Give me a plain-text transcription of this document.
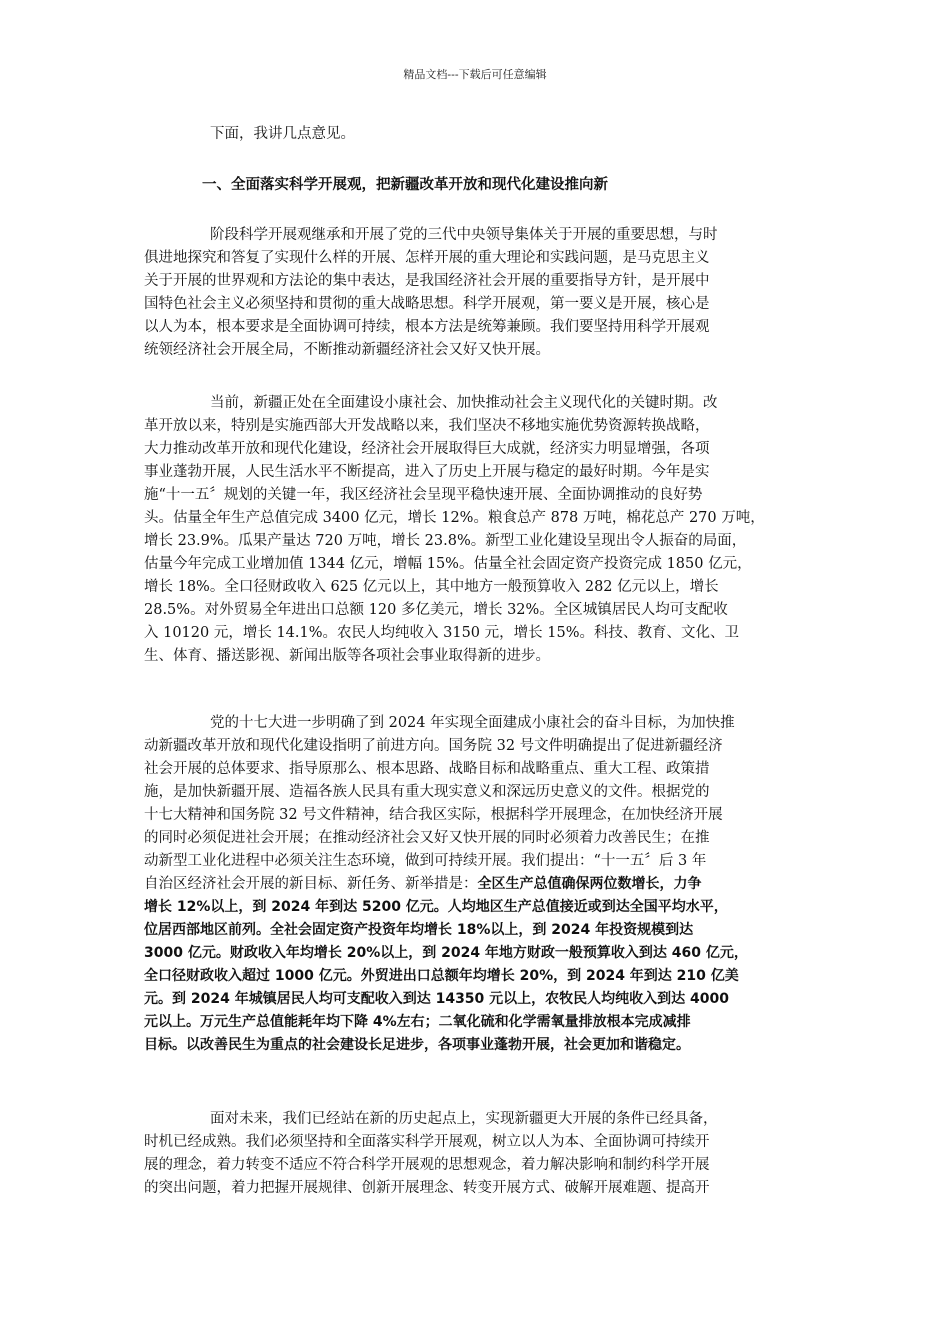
精品文档---下载后可任意编辑
下面，我讲几点意见。
一、全面落实科学开展观，把新疆改革开放和现代化建设推向新
阶段科学开展观继承和开展了党的三代中央领导集体关于开展的重要思想，与时
俱进地探究和答复了实现什么样的开展、怎样开展的重大理论和实践问题，是马克思主义
关于开展的世界观和方法论的集中表达，是我国经济社会开展的重要指导方针，是开展中
国特色社会主义必须坚持和贯彻的重大战略思想。科学开展观，第一要义是开展，核心是
以人为本，根本要求是全面协调可持续，根本方法是统筹兼顾。我们要坚持用科学开展观
统领经济社会开展全局，不断推动新疆经济社会又好又快开展。
当前，新疆正处在全面建设小康社会、加快推动社会主义现代化的关键时期。改
革开放以来，特别是实施西部大开发战略以来，我们坚决不移地实施优势资源转换战略，
大力推动改革开放和现代化建设，经济社会开展取得巨大成就，经济实力明显增强，各项
事业蓬勃开展，人民生活水平不断提高，进入了历史上开展与稳定的最好时期。今年是实
施“十一五〞规划的关键一年，我区经济社会呈现平稳快速开展、全面协调推动的良好势
头。估量全年生产总值完成 3400 亿元，增长 12%。粮食总产 878 万吨，棉花总产 270 万吨，
增长 23.9%。瓜果产量达 720 万吨，增长 23.8%。新型工业化建设呈现出令人振奋的局面，
估量今年完成工业增加值 1344 亿元，增幅 15%。估量全社会固定资产投资完成 1850 亿元，
增长 18%。全口径财政收入 625 亿元以上，其中地方一般预算收入 282 亿元以上，增长
28.5%。对外贸易全年进出口总额 120 多亿美元，增长 32%。全区城镇居民人均可支配收
入 10120 元，增长 14.1%。农民人均纯收入 3150 元，增长 15%。科技、教育、文化、卫
生、体育、播送影视、新闻出版等各项社会事业取得新的进步。
党的十七大进一步明确了到 2024 年实现全面建成小康社会的奋斗目标，为加快推
动新疆改革开放和现代化建设指明了前进方向。国务院 32 号文件明确提出了促进新疆经济
社会开展的总体要求、指导原那么、根本思路、战略目标和战略重点、重大工程、政策措
施，是加快新疆开展、造福各族人民具有重大现实意义和深远历史意义的文件。根据党的
十七大精神和国务院 32 号文件精神，结合我区实际，根据科学开展理念，在加快经济开展
的同时必须促进社会开展；在推动经济社会又好又快开展的同时必须着力改善民生；在推
动新型工业化进程中必须关注生态环境，做到可持续开展。我们提出：“十一五〞后 3 年
自治区经济社会开展的新目标、新任务、新举措是：全区生产总值确保两位数增长，力争
增长 12%以上，到 2024 年到达 5200 亿元。人均地区生产总值接近或到达全国平均水平，
位居西部地区前列。全社会固定资产投资年均增长 18%以上，到 2024 年投资规模到达
3000 亿元。财政收入年均增长 20%以上，到 2024 年地方财政一般预算收入到达 460 亿元，
全口径财政收入超过 1000 亿元。外贸进出口总额年均增长 20%，到 2024 年到达 210 亿美
元。到 2024 年城镇居民人均可支配收入到达 14350 元以上，农牧民人均纯收入到达 4000
元以上。万元生产总值能耗年均下降 4%左右；二氧化硫和化学需氧量排放根本完成减排
目标。以改善民生为重点的社会建设长足进步，各项事业蓬勃开展，社会更加和谐稳定。
面对未来，我们已经站在新的历史起点上，实现新疆更大开展的条件已经具备，
时机已经成熟。我们必须坚持和全面落实科学开展观，树立以人为本、全面协调可持续开
展的理念，着力转变不适应不符合科学开展观的思想观念，着力解决影响和制约科学开展
的突出问题，着力把握开展规律、创新开展理念、转变开展方式、破解开展难题、提高开
